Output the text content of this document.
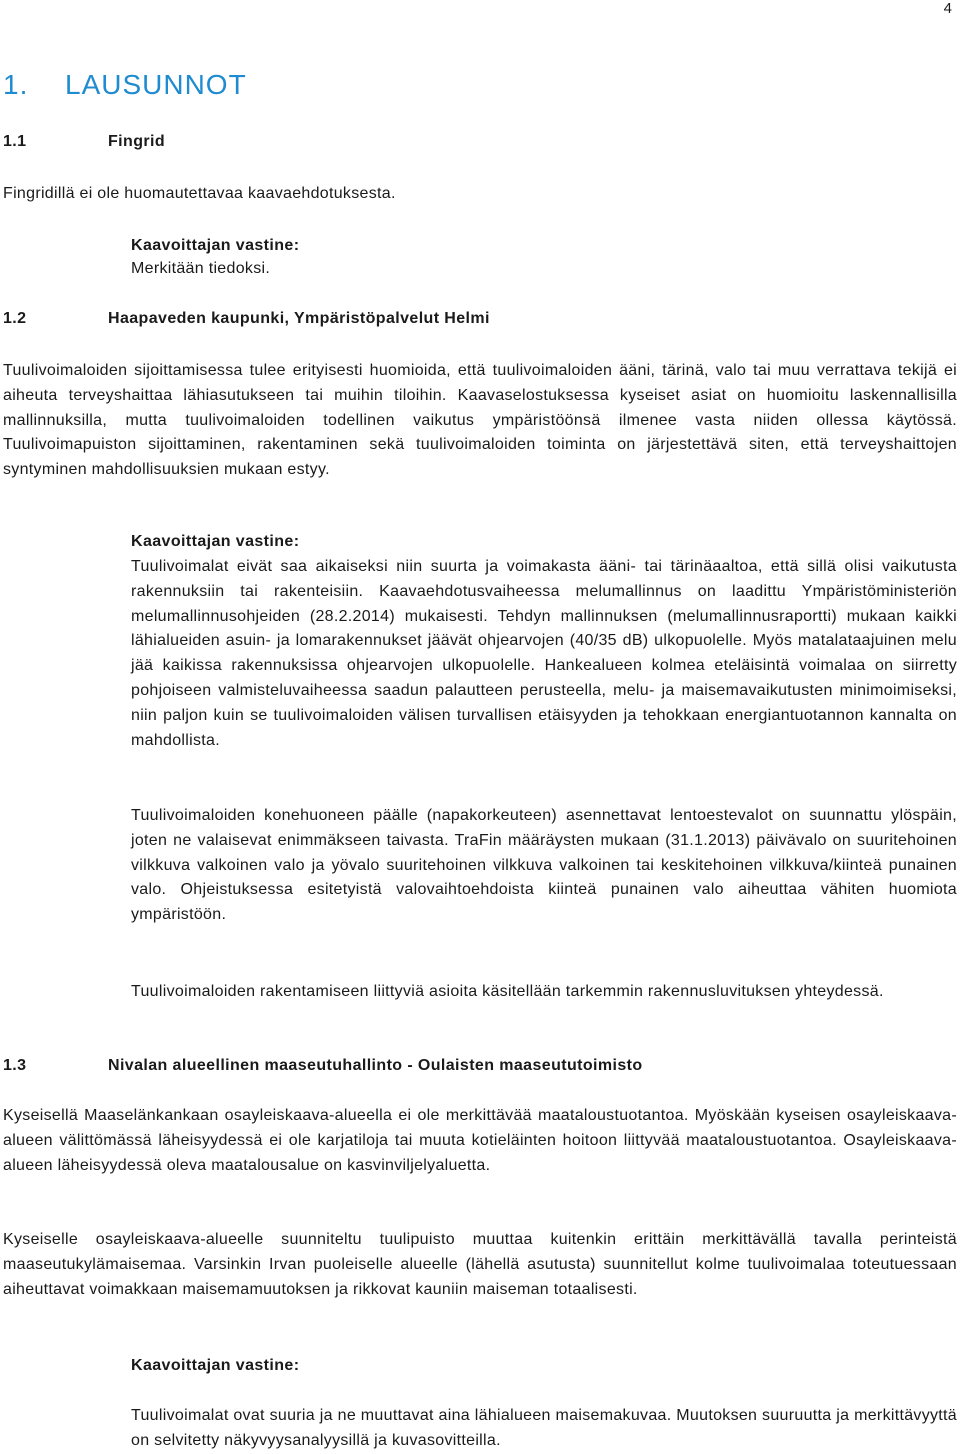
4
1. LAUSUNNOT
1.1	Fingrid

Fingridillä ei ole huomautettavaa kaavaehdotuksesta.

Kaavoittajan vastine:

Merkitään tiedoksi.

1.2	Haapaveden kaupunki, Ympäristöpalvelut Helmi

Tuulivoimaloiden sijoittamisessa tulee erityisesti huomioida, että tuulivoimaloiden ääni, tärinä, valo tai muu verrattava tekijä ei aiheuta terveyshaittaa lähiasutukseen tai muihin tiloihin. Kaavaselostuksessa kyseiset asiat on huomioitu laskennallisilla mallinnuksilla, mutta tuulivoimaloiden todellinen vaikutus ympäristöönsä ilmenee vasta niiden ollessa käytössä. Tuulivoimapuiston sijoittaminen, rakentaminen sekä tuulivoimaloiden toiminta on järjestettävä siten, että terveyshaittojen syntyminen mahdollisuuksien mukaan estyy.

Kaavoittajan vastine:

Tuulivoimalat eivät saa aikaiseksi niin suurta ja voimakasta ääni- tai tärinäaaltoa, että sillä olisi vaikutusta rakennuksiin tai rakenteisiin. Kaavaehdotusvaiheessa melumallinnus on laadittu Ympäristöministeriön melumallinnusohjeiden (28.2.2014) mukaisesti. Tehdyn mallinnuksen (melumallinnusraportti) mukaan kaikki lähialueiden asuin- ja lomarakennukset jäävät ohjearvojen (40/35 dB) ulkopuolelle. Myös matalataajuinen melu jää kaikissa rakennuksissa ohjearvojen ulkopuolelle. Hankealueen kolmea eteläisintä voimalaa on siirretty pohjoiseen valmisteluvaiheessa saadun palautteen perusteella, melu- ja maisemavaikutusten minimoimiseksi, niin paljon kuin se tuulivoimaloiden välisen turvallisen etäisyyden ja tehokkaan energiantuotannon kannalta on mahdollista.

Tuulivoimaloiden konehuoneen päälle (napakorkeuteen) asennettavat lentoestevalot on suunnattu ylöspäin, joten ne valaisevat enimmäkseen taivasta. TraFin määräysten mukaan (31.1.2013) päivävalo on suuritehoinen vilkkuva valkoinen valo ja yövalo suuritehoinen vilkkuva valkoinen tai keskitehoinen vilkkuva/kiinteä punainen valo. Ohjeistuksessa esitetyistä valovaihtoehdoista kiinteä punainen valo aiheuttaa vähiten huomiota ympäristöön.

Tuulivoimaloiden rakentamiseen liittyviä asioita käsitellään tarkemmin rakennusluvituksen yhteydessä.

1.3	Nivalan alueellinen maaseutuhallinto - Oulaisten maaseututoimisto

Kyseisellä Maaselänkankaan osayleiskaava-alueella ei ole merkittävää maataloustuotantoa. Myöskään kyseisen osayleiskaava-alueen välittömässä läheisyydessä ei ole karjatiloja tai muuta kotieläinten hoitoon liittyvää maataloustuotantoa. Osayleiskaava-alueen läheisyydessä oleva maatalousalue on kasvinviljelyaluetta.

Kyseiselle osayleiskaava-alueelle suunniteltu tuulipuisto muuttaa kuitenkin erittäin merkittävällä tavalla perinteistä maaseutukylämaisemaa. Varsinkin Irvan puoleiselle alueelle (lähellä asutusta) suunnitellut kolme tuulivoimalaa toteutuessaan aiheuttavat voimakkaan maisemamuutoksen ja rikkovat kauniin maiseman totaalisesti.

Kaavoittajan vastine:

Tuulivoimalat ovat suuria ja ne muuttavat aina lähialueen maisemakuvaa. Muutoksen suuruutta ja merkittävyyttä on selvitetty näkyvyysanalyysillä ja kuvasovitteilla.
